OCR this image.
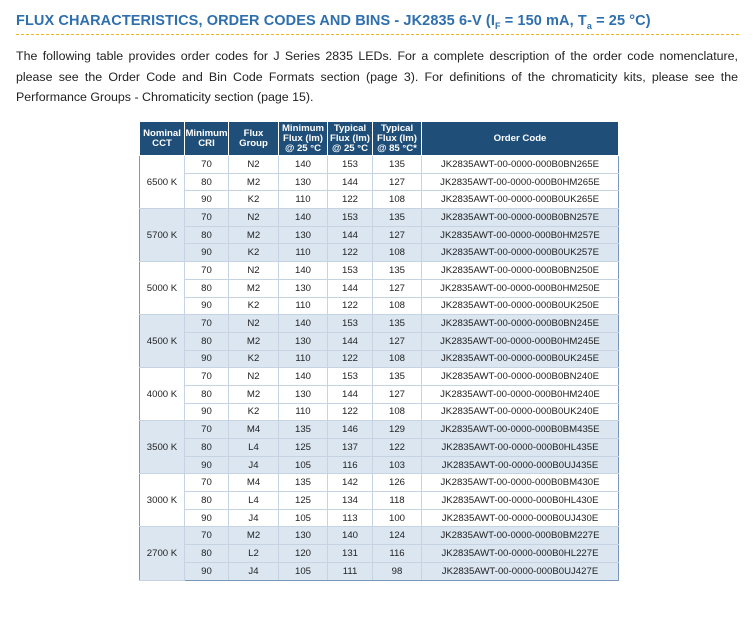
FLUX CHARACTERISTICS, ORDER CODES AND BINS - JK2835 6-V ($I_F = 150$ mA, $T_a = 25$ °C)

The following table provides order codes for J Series 2835 LEDs. For a complete description of the order code nomenclature, please see the Order Code and Bin Code Formats section (page 3). For definitions of the chromaticity kits, please see the Performance Groups - Chromaticity section (page 15).

Nominal
CCT	Minimum
CRI	Flux
Group	Minimum
Flux (lm)
@ 25 °C	Typical
Flux (lm)
@ 25 °C	Typical
Flux (lm)
@ 85 °C*	Order Code
6500 K	70	N2	140	153	135	JK2835AWT-00-0000-000B0BN265E
	80	M2	130	144	127	JK2835AWT-00-0000-000B0HM265E
	90	K2	110	122	108	JK2835AWT-00-0000-000B0UK265E
5700 K	70	N2	140	153	135	JK2835AWT-00-0000-000B0BN257E
	80	M2	130	144	127	JK2835AWT-00-0000-000B0HM257E
	90	K2	110	122	108	JK2835AWT-00-0000-000B0UK257E
5000 K	70	N2	140	153	135	JK2835AWT-00-0000-000B0BN250E
	80	M2	130	144	127	JK2835AWT-00-0000-000B0HM250E
	90	K2	110	122	108	JK2835AWT-00-0000-000B0UK250E
4500 K	70	N2	140	153	135	JK2835AWT-00-0000-000B0BN245E
	80	M2	130	144	127	JK2835AWT-00-0000-000B0HM245E
	90	K2	110	122	108	JK2835AWT-00-0000-000B0UK245E
4000 K	70	N2	140	153	135	JK2835AWT-00-0000-000B0BN240E
	80	M2	130	144	127	JK2835AWT-00-0000-000B0HM240E
	90	K2	110	122	108	JK2835AWT-00-0000-000B0UK240E
3500 K	70	M4	135	146	129	JK2835AWT-00-0000-000B0BM435E
	80	L4	125	137	122	JK2835AWT-00-0000-000B0HL435E
	90	J4	105	116	103	JK2835AWT-00-0000-000B0UJ435E
3000 K	70	M4	135	142	126	JK2835AWT-00-0000-000B0BM430E
	80	L4	125	134	118	JK2835AWT-00-0000-000B0HL430E
	90	J4	105	113	100	JK2835AWT-00-0000-000B0UJ430E
2700 K	70	M2	130	140	124	JK2835AWT-00-0000-000B0BM227E
	80	L2	120	131	116	JK2835AWT-00-0000-000B0HL227E
	90	J4	105	111	98	JK2835AWT-00-0000-000B0UJ427E
